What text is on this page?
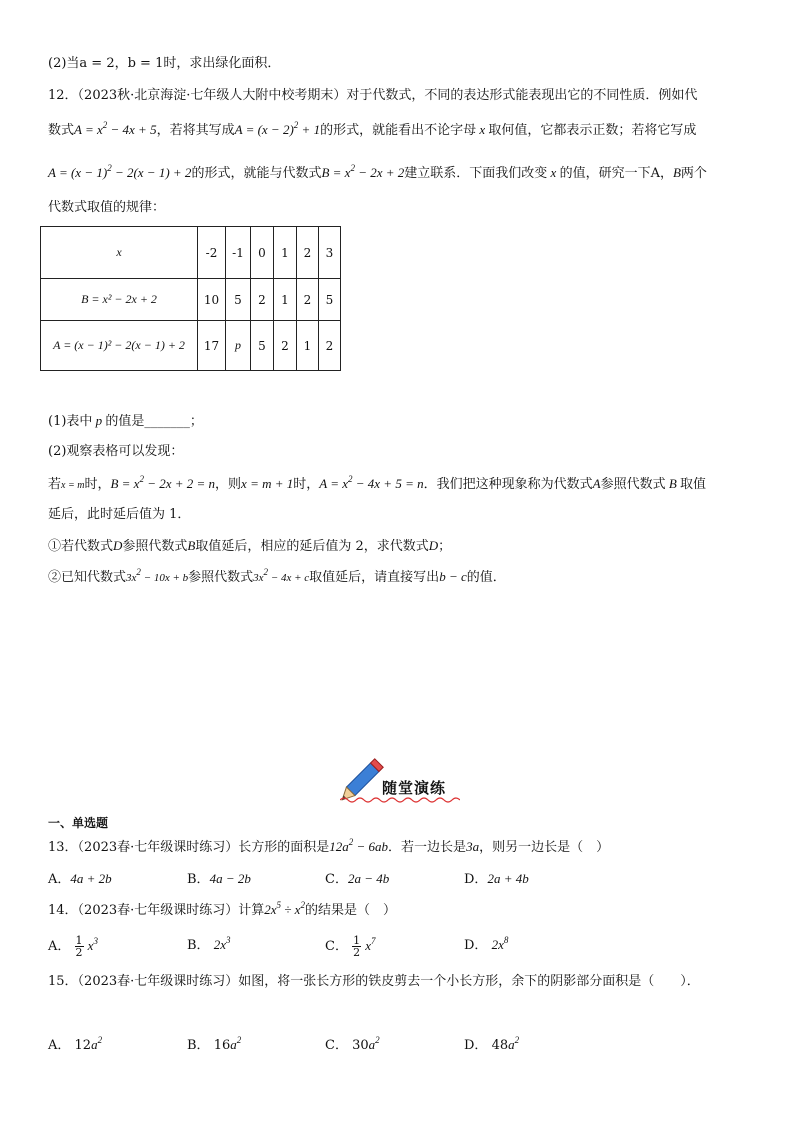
(2)当a = 2，b = 1时，求出绿化面积．
12．（2023秋·北京海淀·七年级人大附中校考期末）对于代数式，不同的表达形式能表现出它的不同性质．例如代
数式$A = x^2 - 4x + 5$，若将其写成$A = (x - 2)^2 + 1$的形式，就能看出不论字母 x 取何值，它都表示正数；若将它写成
$A = (x - 1)^2 - 2(x - 1) + 2$的形式，就能与代数式$B = x^2 - 2x + 2$建立联系．下面我们改变 x 的值，研究一下A，B两个
代数式取值的规律：
x	-2	-1	0	1	2	3
B = x² − 2x + 2	10	5	2	1	2	5
A = (x − 1)² − 2(x − 1) + 2	17	p	5	2	1	2
(1)表中 p 的值是_______；
(2)观察表格可以发现：
若x = m时，$B = x^2 - 2x + 2 = n$，则x = m + 1时，$A = x^2 - 4x + 5 = n$．我们把这种现象称为代数式A参照代数式 B 取值
延后，此时延后值为 1．
①若代数式D参照代数式B取值延后，相应的延后值为 2，求代数式D；
②已知代数式$3x^2 - 10x + b$参照代数式$3x^2 - 4x + c$取值延后，请直接写出b − c的值．
随堂演练
一、单选题
13．（2023春·七年级课时练习）长方形的面积是$12a^2 - 6ab$．若一边长是3a，则另一边长是（　）
A．4a + 2b	B．4a − 2b	C．2a − 4b	D．2a + 4b
14．（2023春·七年级课时练习）计算$2x^5 \div x^2$的结果是（　）
A． $\frac{1}{2} x^3$	B． $2x^3$	C． $\frac{1}{2} x^7$	D． $2x^8$
15．（2023春·七年级课时练习）如图，将一张长方形的铁皮剪去一个小长方形，余下的阴影部分面积是（　　）．
A． $12a^2$	B． $16a^2$	C． $30a^2$	D． $48a^2$
